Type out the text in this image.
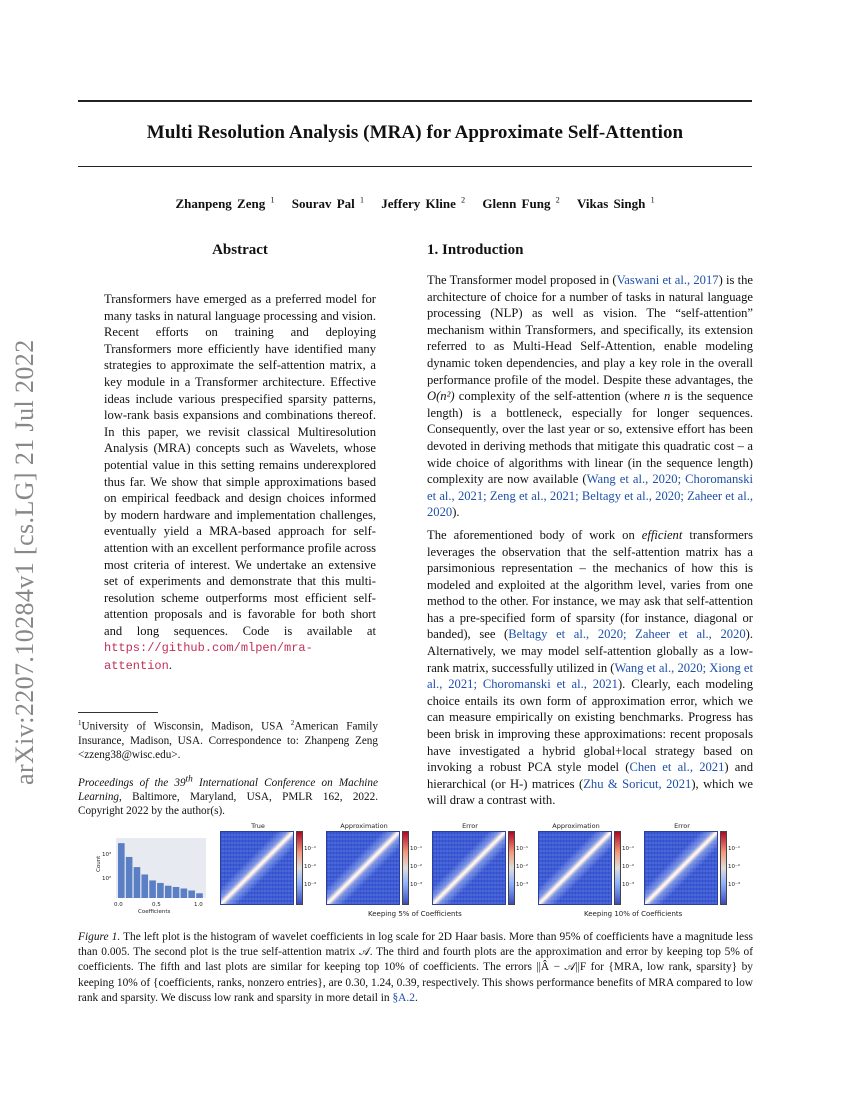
arXiv:2207.10284v1 [cs.LG] 21 Jul 2022
Multi Resolution Analysis (MRA) for Approximate Self-Attention
Zhanpeng Zeng $^1$ Sourav Pal $^1$ Jeffery Kline $^2$ Glenn Fung $^2$ Vikas Singh $^1$
Abstract
Transformers have emerged as a preferred model for many tasks in natural language processing and vision. Recent efforts on training and deploying Transformers more efficiently have identified many strategies to approximate the self-attention matrix, a key module in a Transformer architecture. Effective ideas include various prespecified sparsity patterns, low-rank basis expansions and combinations thereof. In this paper, we revisit classical Multiresolution Analysis (MRA) concepts such as Wavelets, whose potential value in this setting remains underexplored thus far. We show that simple approximations based on empirical feedback and design choices informed by modern hardware and implementation challenges, eventually yield a MRA-based approach for self-attention with an excellent performance profile across most criteria of interest. We undertake an extensive set of experiments and demonstrate that this multi-resolution scheme outperforms most efficient self-attention proposals and is favorable for both short and long sequences. Code is available at https://github.com/mlpen/mra-attention.
$^1$University of Wisconsin, Madison, USA $^2$American Family Insurance, Madison, USA. Correspondence to: Zhanpeng Zeng <zzeng38@wisc.edu>.
Proceedings of the 39th International Conference on Machine Learning, Baltimore, Maryland, USA, PMLR 162, 2022. Copyright 2022 by the author(s).
1. Introduction

The Transformer model proposed in (Vaswani et al., 2017) is the architecture of choice for a number of tasks in natural language processing (NLP) as well as vision. The “self-attention” mechanism within Transformers, and specifically, its extension referred to as Multi-Head Self-Attention, enable modeling dynamic token dependencies, and play a key role in the overall performance profile of the model. Despite these advantages, the O(n²) complexity of the self-attention (where n is the sequence length) is a bottleneck, especially for longer sequences. Consequently, over the last year or so, extensive effort has been devoted in deriving methods that mitigate this quadratic cost – a wide choice of algorithms with linear (in the sequence length) complexity are now available (Wang et al., 2020; Choromanski et al., 2021; Zeng et al., 2021; Beltagy et al., 2020; Zaheer et al., 2020).

The aforementioned body of work on efficient transformers leverages the observation that the self-attention matrix has a parsimonious representation – the mechanics of how this is modeled and exploited at the algorithm level, varies from one method to the other. For instance, we may ask that self-attention has a pre-specified form of sparsity (for instance, diagonal or banded), see (Beltagy et al., 2020; Zaheer et al., 2020). Alternatively, we may model self-attention globally as a low-rank matrix, successfully utilized in (Wang et al., 2020; Xiong et al., 2021; Choromanski et al., 2021). Clearly, each modeling choice entails its own form of approximation error, which we can measure empirically on existing benchmarks. Progress has been brisk in improving these approximations: recent proposals have investigated a hybrid global+local strategy based on invoking a robust PCA style model (Chen et al., 2021) and hierarchical (or H-) matrices (Zhu & Soricut, 2021), which we will draw a contrast with.

Count
10³
10²
0.0	0.5	1.0
Coefficients
True
10⁻¹
10⁻²
10⁻³
Approximation
10⁻¹
10⁻²
10⁻³
Error
10⁻¹
10⁻²
10⁻³
Approximation
10⁻¹
10⁻²
10⁻³
Error
10⁻¹
10⁻²
10⁻³
Keeping 5% of Coefficients	Keeping 10% of Coefficients
Figure 1. The left plot is the histogram of wavelet coefficients in log scale for 2D Haar basis. More than 95% of coefficients have a magnitude less than 0.005. The second plot is the true self-attention matrix 𝒜. The third and fourth plots are the approximation and error by keeping top 5% of coefficients. The fifth and last plots are similar for keeping top 10% of coefficients. The errors ||Â − 𝒜||F for {MRA, low rank, sparsity} by keeping 10% of {coefficients, ranks, nonzero entries}, are 0.30, 1.24, 0.39, respectively. This shows performance benefits of MRA compared to low rank and sparsity. We discuss low rank and sparsity in more detail in §A.2.
